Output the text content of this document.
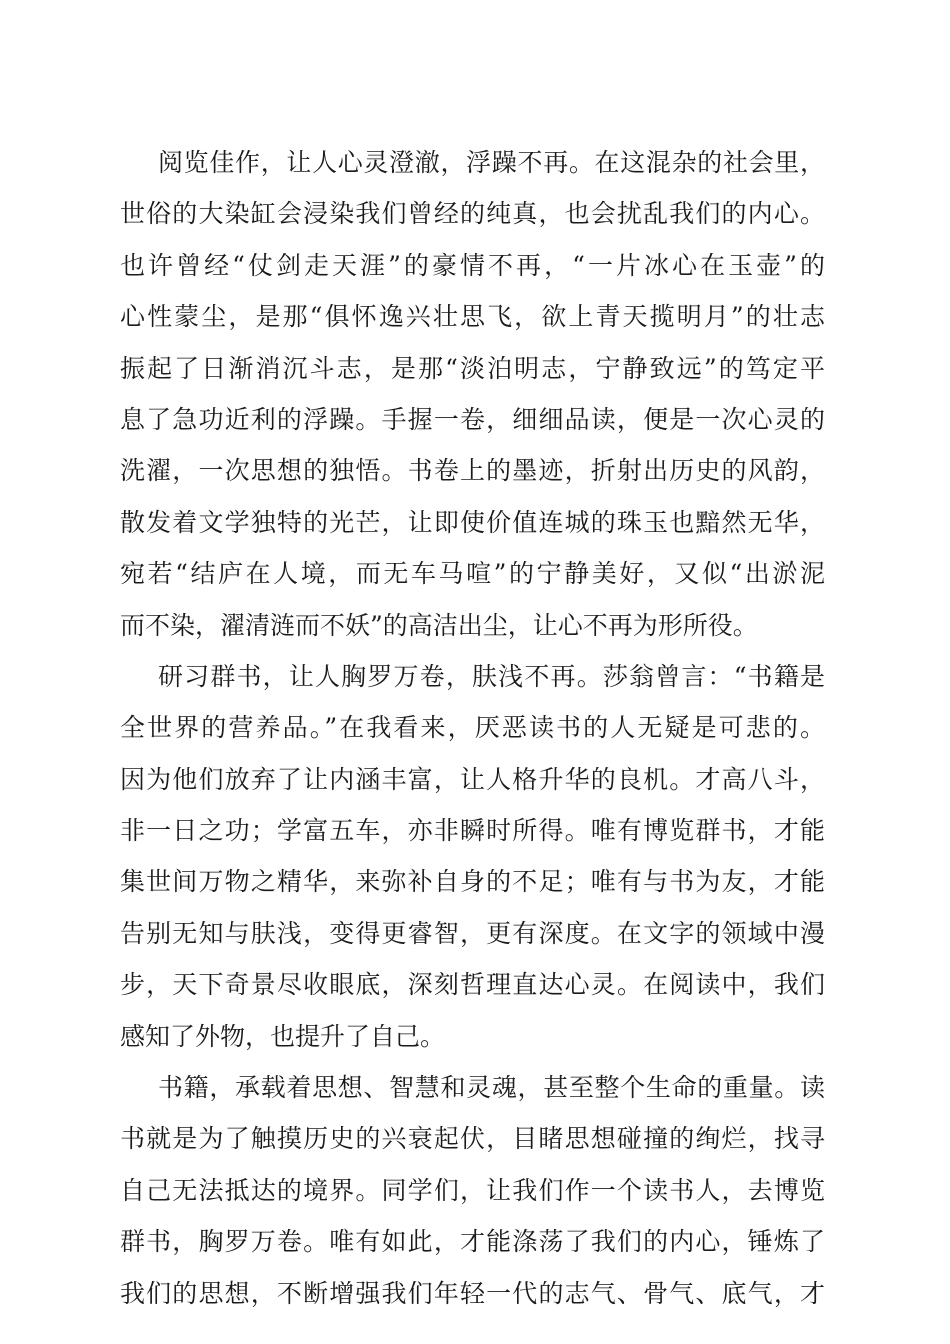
阅览佳作，让人心灵澄澈，浮躁不再。在这混杂的社会里，
世俗的大染缸会浸染我们曾经的纯真，也会扰乱我们的内心。
也许曾经“仗剑走天涯”的豪情不再，“一片冰心在玉壶”的
心性蒙尘，是那“俱怀逸兴壮思飞，欲上青天揽明月”的壮志
振起了日渐消沉斗志，是那“淡泊明志，宁静致远”的笃定平
息了急功近利的浮躁。手握一卷，细细品读，便是一次心灵的
洗濯，一次思想的独悟。书卷上的墨迹，折射出历史的风韵，
散发着文学独特的光芒，让即使价值连城的珠玉也黯然无华，
宛若“结庐在人境，而无车马喧”的宁静美好，又似“出淤泥
而不染，濯清涟而不妖”的高洁出尘，让心不再为形所役。
研习群书，让人胸罗万卷，肤浅不再。莎翁曾言：“书籍是
全世界的营养品。”在我看来，厌恶读书的人无疑是可悲的。
因为他们放弃了让内涵丰富，让人格升华的良机。才高八斗，
非一日之功；学富五车，亦非瞬时所得。唯有博览群书，才能
集世间万物之精华，来弥补自身的不足；唯有与书为友，才能
告别无知与肤浅，变得更睿智，更有深度。在文字的领域中漫
步，天下奇景尽收眼底，深刻哲理直达心灵。在阅读中，我们
感知了外物，也提升了自己。
书籍，承载着思想、智慧和灵魂，甚至整个生命的重量。读
书就是为了触摸历史的兴衰起伏，目睹思想碰撞的绚烂，找寻
自己无法抵达的境界。同学们，让我们作一个读书人，去博览
群书，胸罗万卷。唯有如此，才能涤荡了我们的内心，锤炼了
我们的思想，不断增强我们年轻一代的志气、骨气、底气，才
